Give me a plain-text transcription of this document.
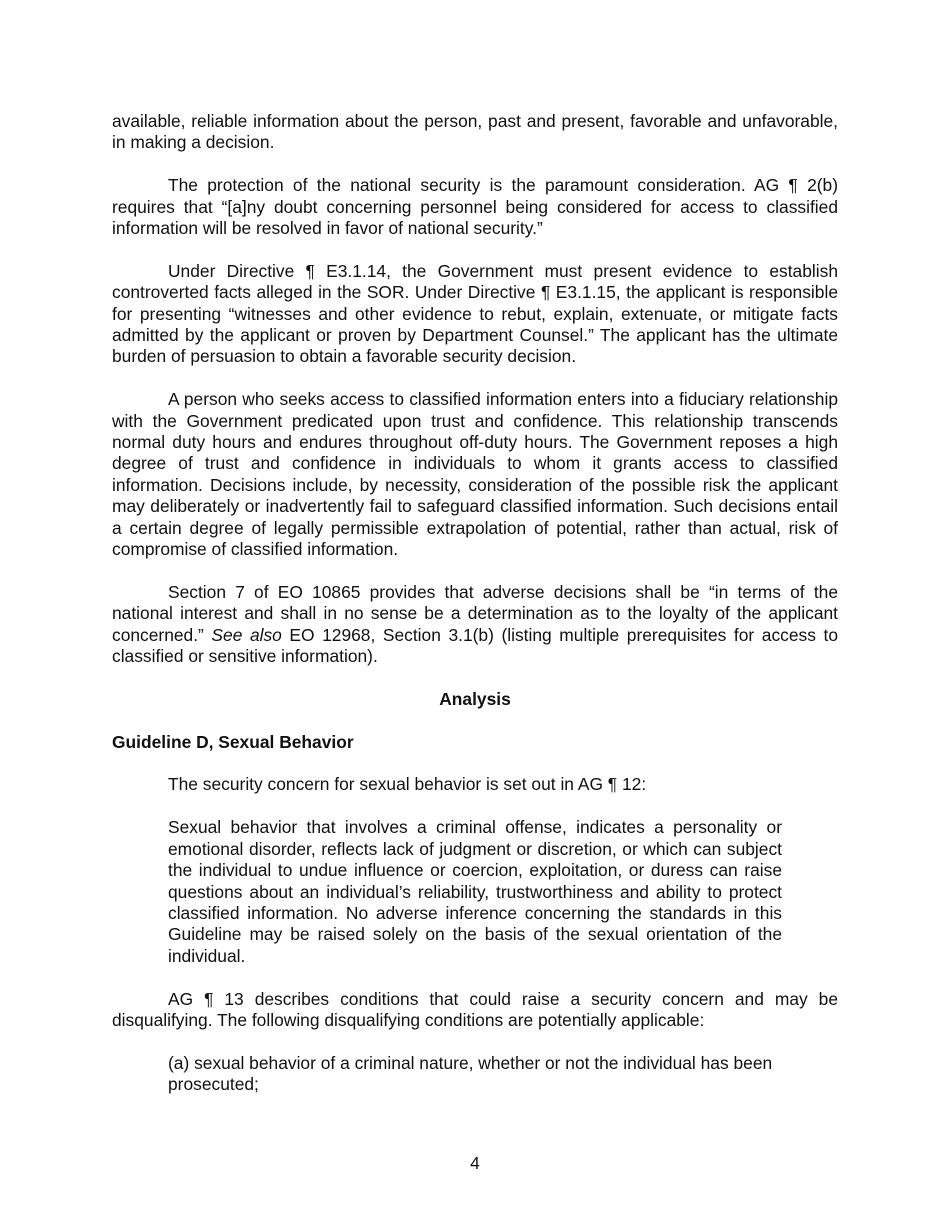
available, reliable information about the person, past and present, favorable and unfavorable, in making a decision.

The protection of the national security is the paramount consideration. AG ¶ 2(b) requires that “[a]ny doubt concerning personnel being considered for access to classified information will be resolved in favor of national security.”

Under Directive ¶ E3.1.14, the Government must present evidence to establish controverted facts alleged in the SOR. Under Directive ¶ E3.1.15, the applicant is responsible for presenting “witnesses and other evidence to rebut, explain, extenuate, or mitigate facts admitted by the applicant or proven by Department Counsel.” The applicant has the ultimate burden of persuasion to obtain a favorable security decision.

A person who seeks access to classified information enters into a fiduciary relationship with the Government predicated upon trust and confidence. This relationship transcends normal duty hours and endures throughout off-duty hours. The Government reposes a high degree of trust and confidence in individuals to whom it grants access to classified information. Decisions include, by necessity, consideration of the possible risk the applicant may deliberately or inadvertently fail to safeguard classified information. Such decisions entail a certain degree of legally permissible extrapolation of potential, rather than actual, risk of compromise of classified information.

Section 7 of EO 10865 provides that adverse decisions shall be “in terms of the national interest and shall in no sense be a determination as to the loyalty of the applicant concerned.” See also EO 12968, Section 3.1(b) (listing multiple prerequisites for access to classified or sensitive information).

Analysis
Guideline D, Sexual Behavior
The security concern for sexual behavior is set out in AG ¶ 12:
Sexual behavior that involves a criminal offense, indicates a personality or emotional disorder, reflects lack of judgment or discretion, or which can subject the individual to undue influence or coercion, exploitation, or duress can raise questions about an individual’s reliability, trustworthiness and ability to protect classified information. No adverse inference concerning the standards in this Guideline may be raised solely on the basis of the sexual orientation of the individual.

AG ¶ 13 describes conditions that could raise a security concern and may be disqualifying. The following disqualifying conditions are potentially applicable:

(a) sexual behavior of a criminal nature, whether or not the individual has been prosecuted;
4
